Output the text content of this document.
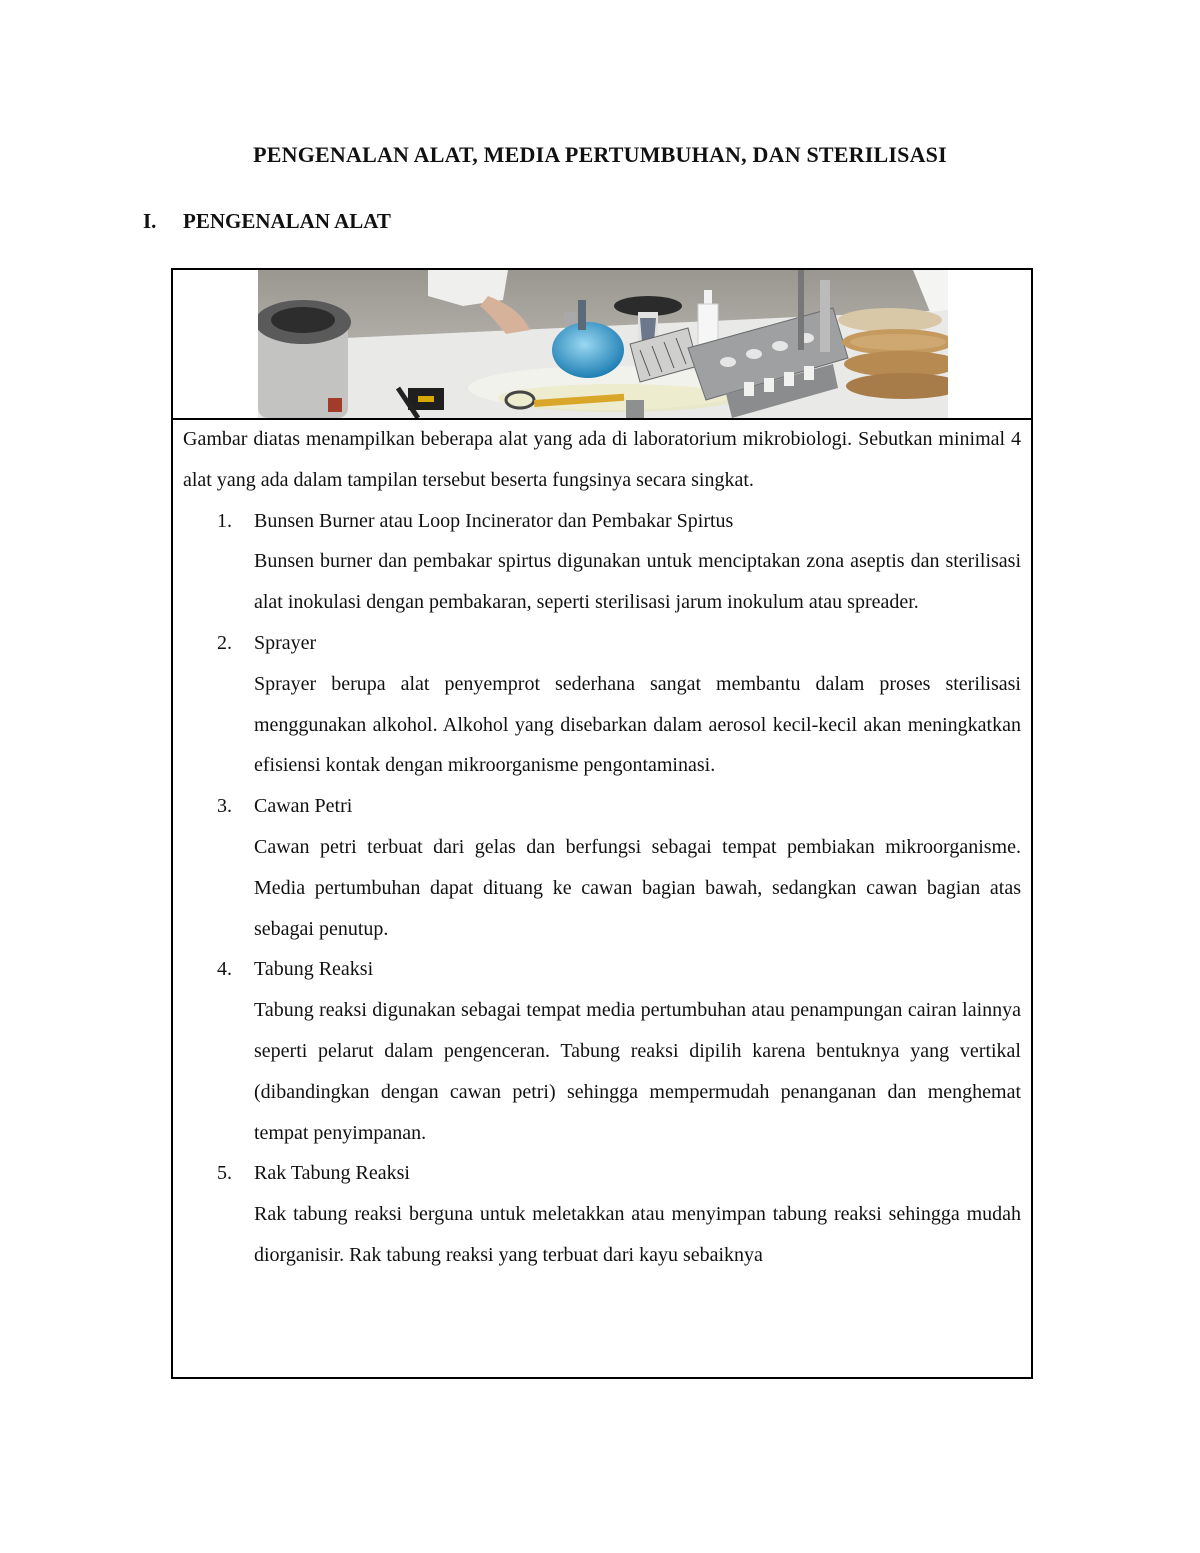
PENGENALAN ALAT, MEDIA PERTUMBUHAN, DAN STERILISASI
I. PENGENALAN ALAT

Gambar diatas menampilkan beberapa alat yang ada di laboratorium mikrobiologi. Sebutkan minimal 4 alat yang ada dalam tampilan tersebut beserta fungsinya secara singkat.

1. Bunsen Burner atau Loop Incinerator dan Pembakar Spirtus

Bunsen burner dan pembakar spirtus digunakan untuk menciptakan zona aseptis dan sterilisasi alat inokulasi dengan pembakaran, seperti sterilisasi jarum inokulum atau spreader.

2. Sprayer

Sprayer berupa alat penyemprot sederhana sangat membantu dalam proses sterilisasi menggunakan alkohol. Alkohol yang disebarkan dalam aerosol kecil-kecil akan meningkatkan efisiensi kontak dengan mikroorganisme pengontaminasi.

3. Cawan Petri

Cawan petri terbuat dari gelas dan berfungsi sebagai tempat pembiakan mikroorganisme. Media pertumbuhan dapat dituang ke cawan bagian bawah, sedangkan cawan bagian atas sebagai penutup.

4. Tabung Reaksi

Tabung reaksi digunakan sebagai tempat media pertumbuhan atau penampungan cairan lainnya seperti pelarut dalam pengenceran. Tabung reaksi dipilih karena bentuknya yang vertikal (dibandingkan dengan cawan petri) sehingga mempermudah penanganan dan menghemat tempat penyimpanan.

5. Rak Tabung Reaksi

Rak tabung reaksi berguna untuk meletakkan atau menyimpan tabung reaksi sehingga mudah diorganisir. Rak tabung reaksi yang terbuat dari kayu sebaiknya
